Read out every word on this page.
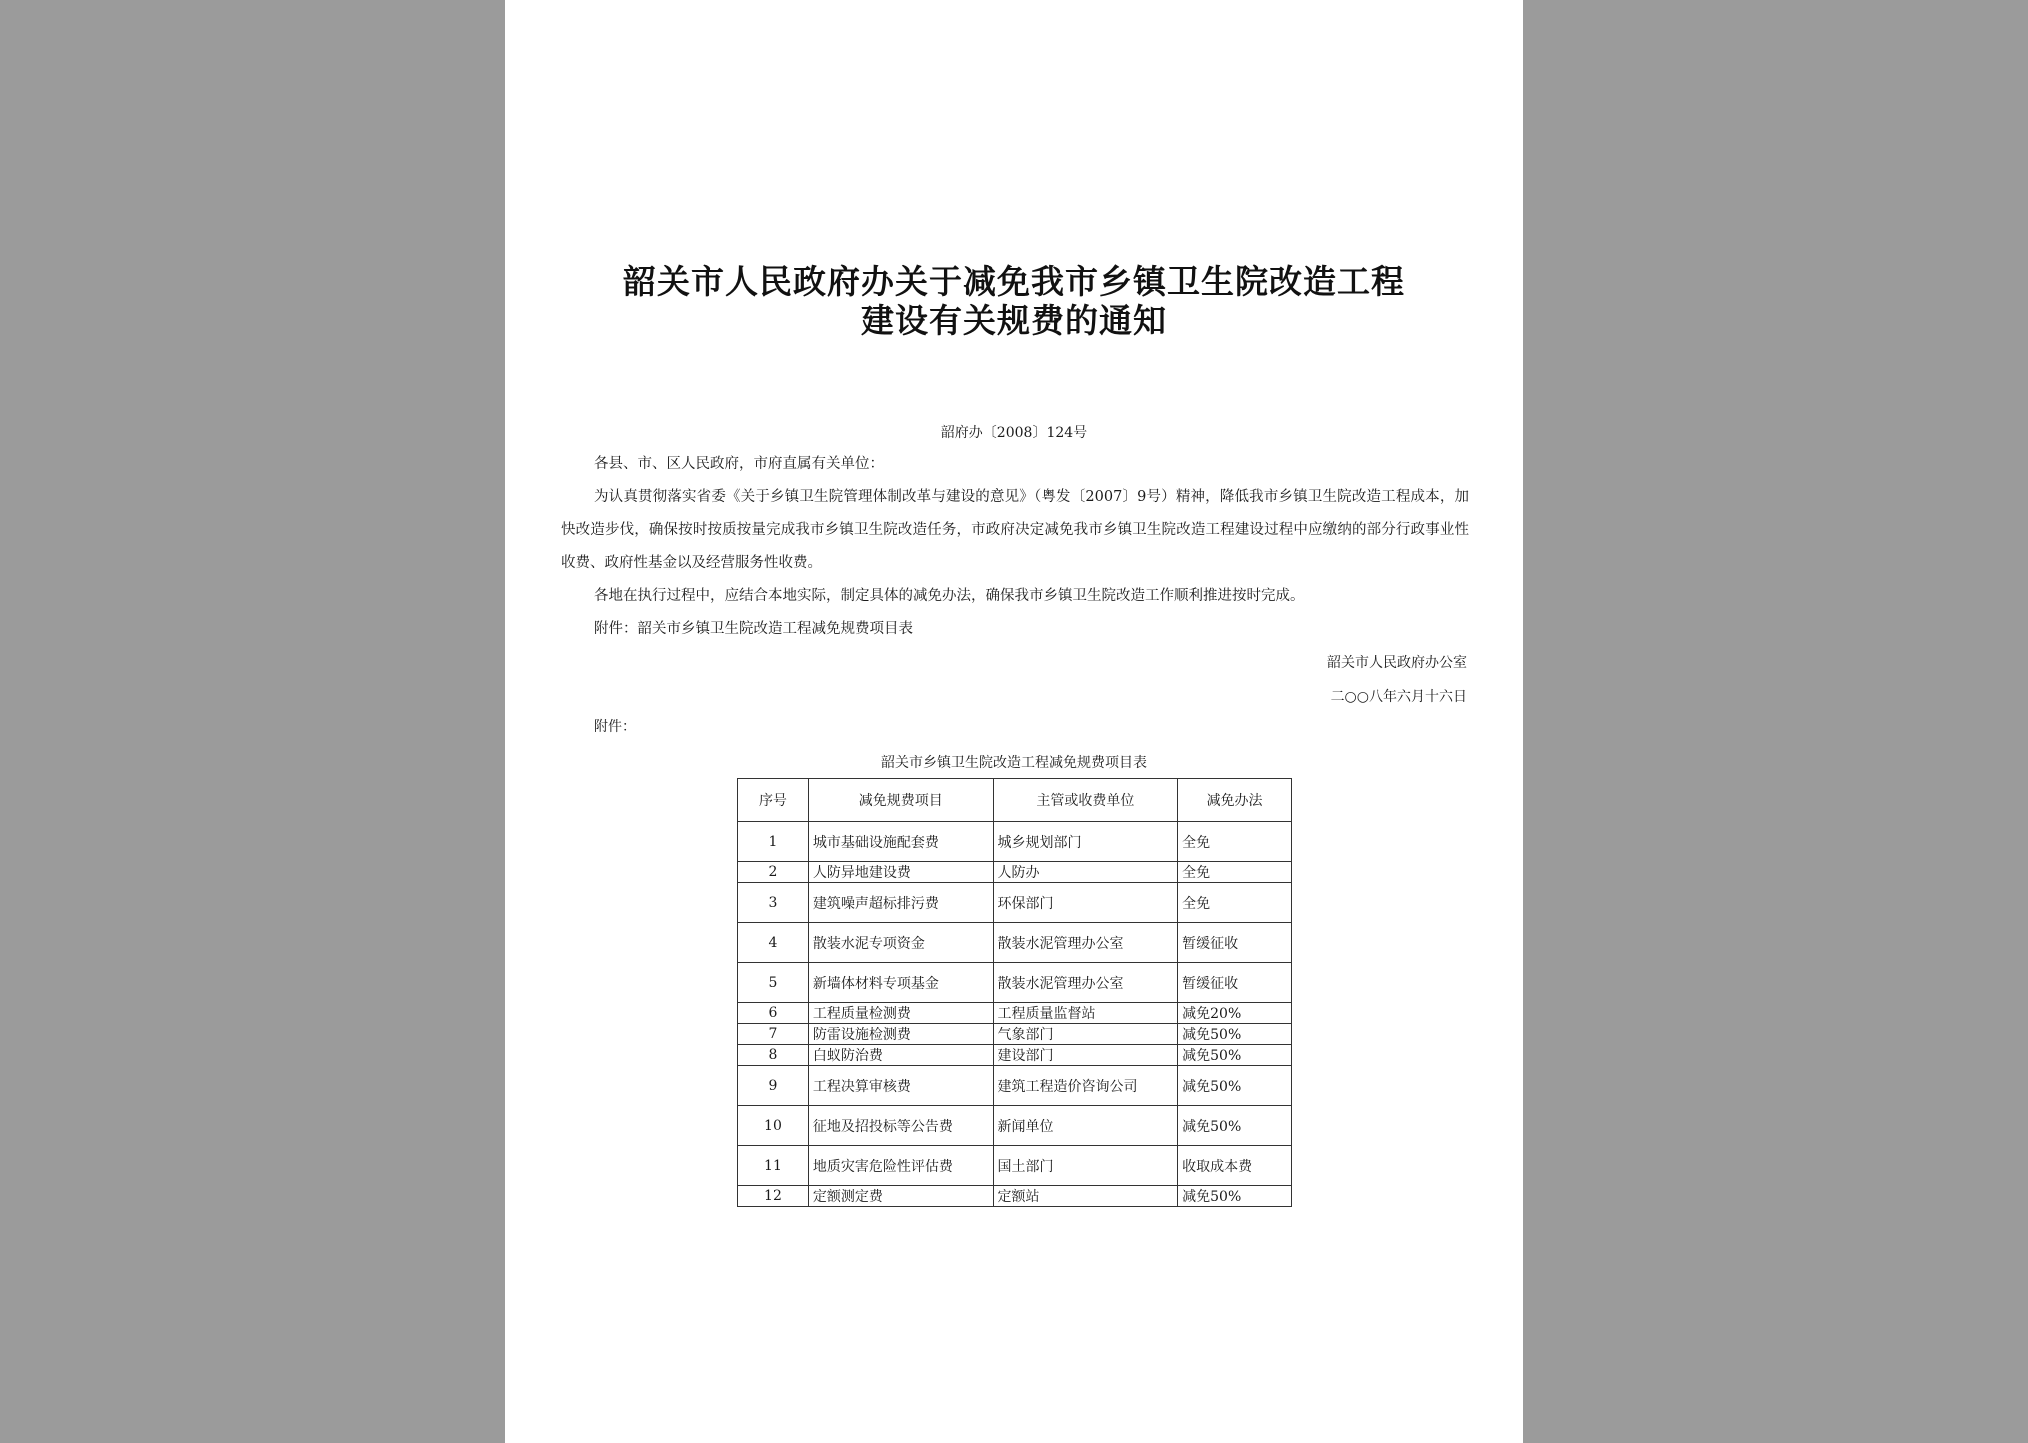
韶关市人民政府办关于减免我市乡镇卫生院改造工程
建设有关规费的通知
韶府办〔2008〕124号

各县、市、区人民政府，市府直属有关单位：

为认真贯彻落实省委《关于乡镇卫生院管理体制改革与建设的意见》（粤发〔2007〕9号）精神，降低我市乡镇卫生院改造工程成本，加快改造步伐，确保按时按质按量完成我市乡镇卫生院改造任务，市政府决定减免我市乡镇卫生院改造工程建设过程中应缴纳的部分行政事业性收费、政府性基金以及经营服务性收费。

各地在执行过程中，应结合本地实际，制定具体的减免办法，确保我市乡镇卫生院改造工作顺利推进按时完成。

附件：韶关市乡镇卫生院改造工程减免规费项目表

韶关市人民政府办公室
二○○八年六月十六日
附件：
韶关市乡镇卫生院改造工程减免规费项目表
序号	减免规费项目	主管或收费单位	减免办法
1	城市基础设施配套费	城乡规划部门	全免
2	人防异地建设费	人防办	全免
3	建筑噪声超标排污费	环保部门	全免
4	散装水泥专项资金	散装水泥管理办公室	暂缓征收
5	新墙体材料专项基金	散装水泥管理办公室	暂缓征收
6	工程质量检测费	工程质量监督站	减免20%
7	防雷设施检测费	气象部门	减免50%
8	白蚁防治费	建设部门	减免50%
9	工程决算审核费	建筑工程造价咨询公司	减免50%
10	征地及招投标等公告费	新闻单位	减免50%
11	地质灾害危险性评估费	国土部门	收取成本费
12	定额测定费	定额站	减免50%
